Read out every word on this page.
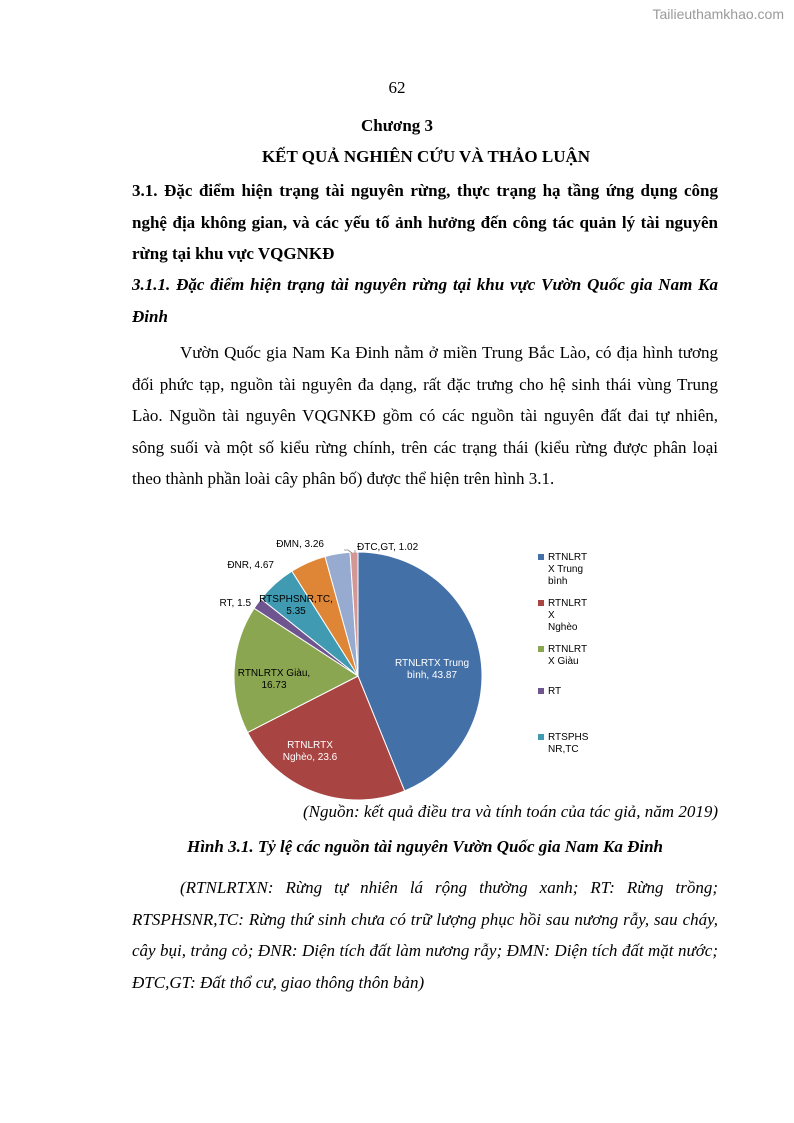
Tailieuthamkhao.com
62
Chương 3
KẾT QUẢ NGHIÊN CỨU VÀ THẢO LUẬN
3.1. Đặc điểm hiện trạng tài nguyên rừng, thực trạng hạ tầng ứng dụng công nghệ địa không gian, và các yếu tố ảnh hưởng đến công tác quản lý tài nguyên rừng tại khu vực VQGNKĐ
3.1.1. Đặc điểm hiện trạng tài nguyên rừng tại khu vực Vườn Quốc gia Nam Ka Đinh
Vườn Quốc gia Nam Ka Đinh nằm ở miền Trung Bắc Lào, có địa hình tương đối phức tạp, nguồn tài nguyên đa dạng, rất đặc trưng cho hệ sinh thái vùng Trung Lào. Nguồn tài nguyên VQGNKĐ gồm có các nguồn tài nguyên đất đai tự nhiên, sông suối và một số kiểu rừng chính, trên các trạng thái (kiểu rừng được phân loại theo thành phần loài cây phân bố) được thể hiện trên hình 3.1.
RTNLRTX Trung bình, 43.87
RTNLRTX Nghèo, 23.6
RTNLRTX Giàu, 16.73
RT, 1.5 RTSPHSNR,TC, 5.35
ĐNR, 4.67
ĐMN, 3.26	ĐTC,GT, 1.02
RTNLRT X Trung bình
RTNLRT X Nghèo
RTNLRT X Giàu
RT
RTSPHS NR,TC
(Nguồn: kết quả điều tra và tính toán của tác giả, năm 2019)
Hình 3.1. Tỷ lệ các nguồn tài nguyên Vườn Quốc gia Nam Ka Đinh
(RTNLRTXN: Rừng tự nhiên lá rộng thường xanh; RT: Rừng trồng; RTSPHSNR,TC: Rừng thứ sinh chưa có trữ lượng phục hồi sau nương rẫy, sau cháy, cây bụi, trảng cỏ; ĐNR: Diện tích đất làm nương rẫy; ĐMN: Diện tích đất mặt nước; ĐTC,GT: Đất thổ cư, giao thông thôn bản)
